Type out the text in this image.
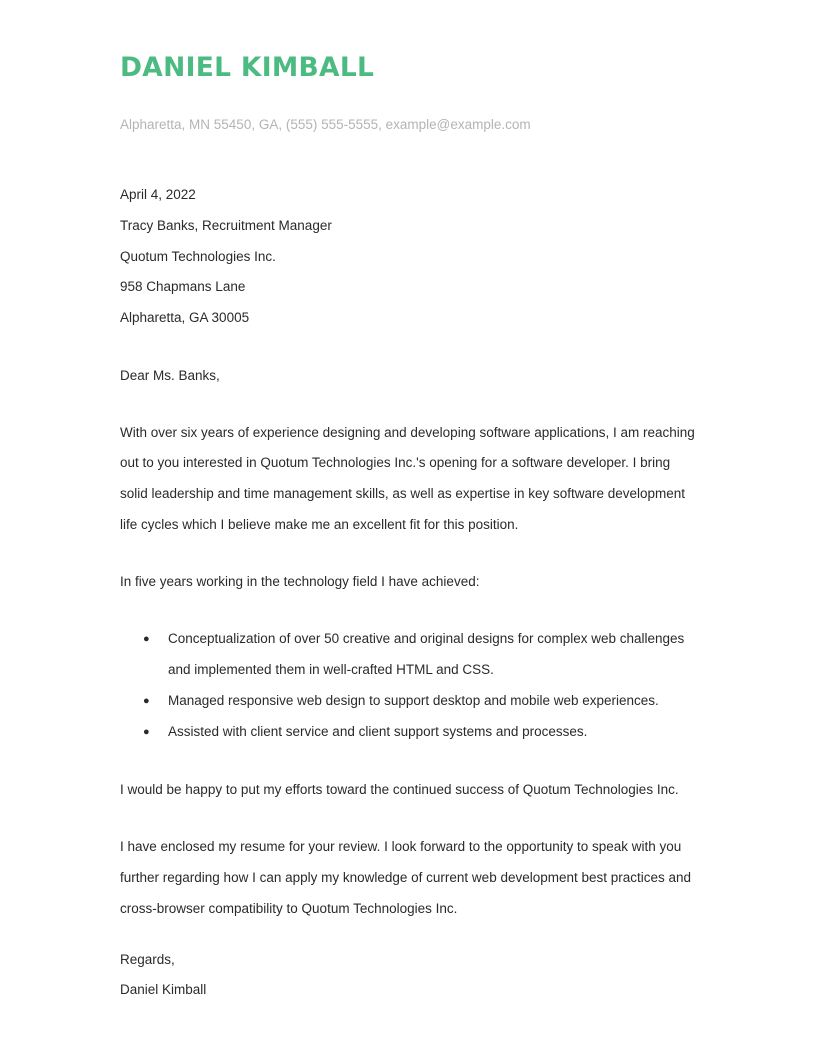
DANIEL KIMBALL
Alpharetta, MN 55450, GA, (555) 555-5555, example@example.com
April 4, 2022
Tracy Banks, Recruitment Manager
Quotum Technologies Inc.
958 Chapmans Lane
Alpharetta, GA 30005
Dear Ms. Banks,
With over six years of experience designing and developing software applications, I am reaching
out to you interested in Quotum Technologies Inc.'s opening for a software developer. I bring
solid leadership and time management skills, as well as expertise in key software development
life cycles which I believe make me an excellent fit for this position.
In five years working in the technology field I have achieved:
● Conceptualization of over 50 creative and original designs for complex web challenges
and implemented them in well-crafted HTML and CSS.
● Managed responsive web design to support desktop and mobile web experiences.
● Assisted with client service and client support systems and processes.
I would be happy to put my efforts toward the continued success of Quotum Technologies Inc.
I have enclosed my resume for your review. I look forward to the opportunity to speak with you
further regarding how I can apply my knowledge of current web development best practices and
cross-browser compatibility to Quotum Technologies Inc.
Regards,
Daniel Kimball
